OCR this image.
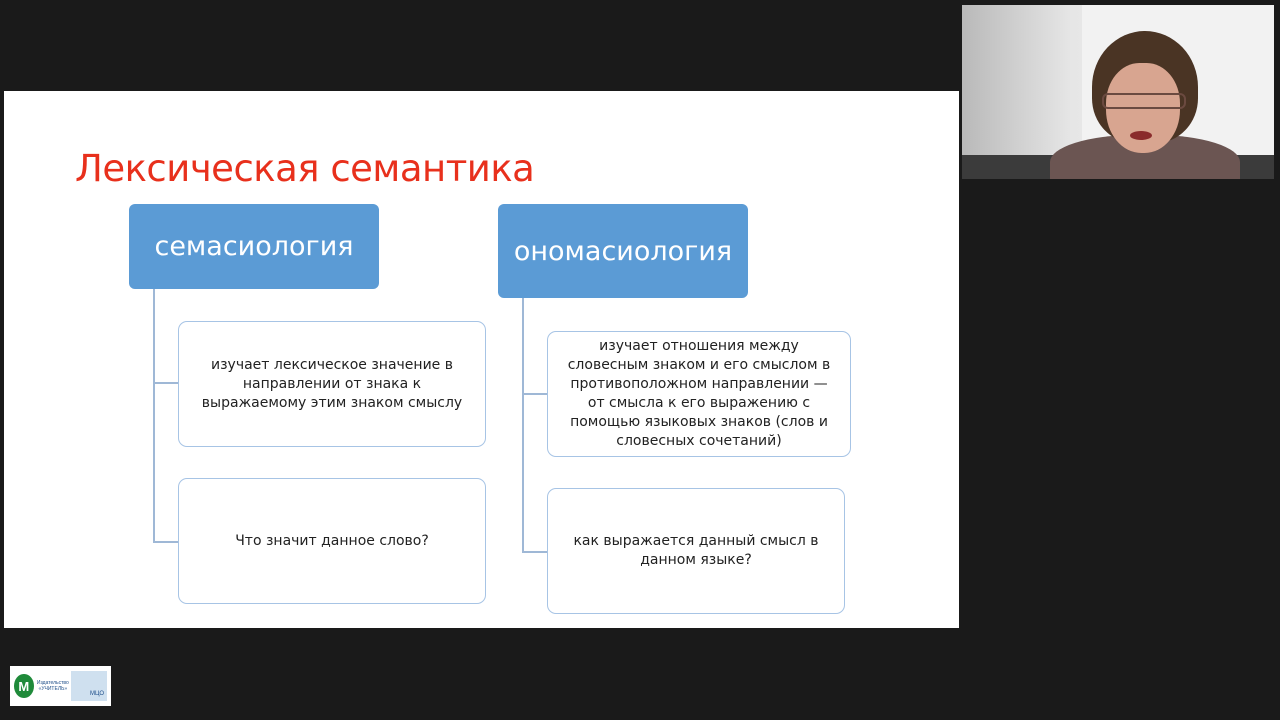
Лексическая семантика
семасиология
изучает лексическое значение в направлении от знака к выражаемому этим знаком смыслу
Что значит данное слово?
ономасиология
изучает отношения между словесным знаком и его смыслом в противоположном направлении — от смысла к его выражению с помощью языковых знаков (слов и словесных сочетаний)
как выражается данный смысл в данном языке?
М	Издательство
«УЧИТЕЛЬ»
МЦО
